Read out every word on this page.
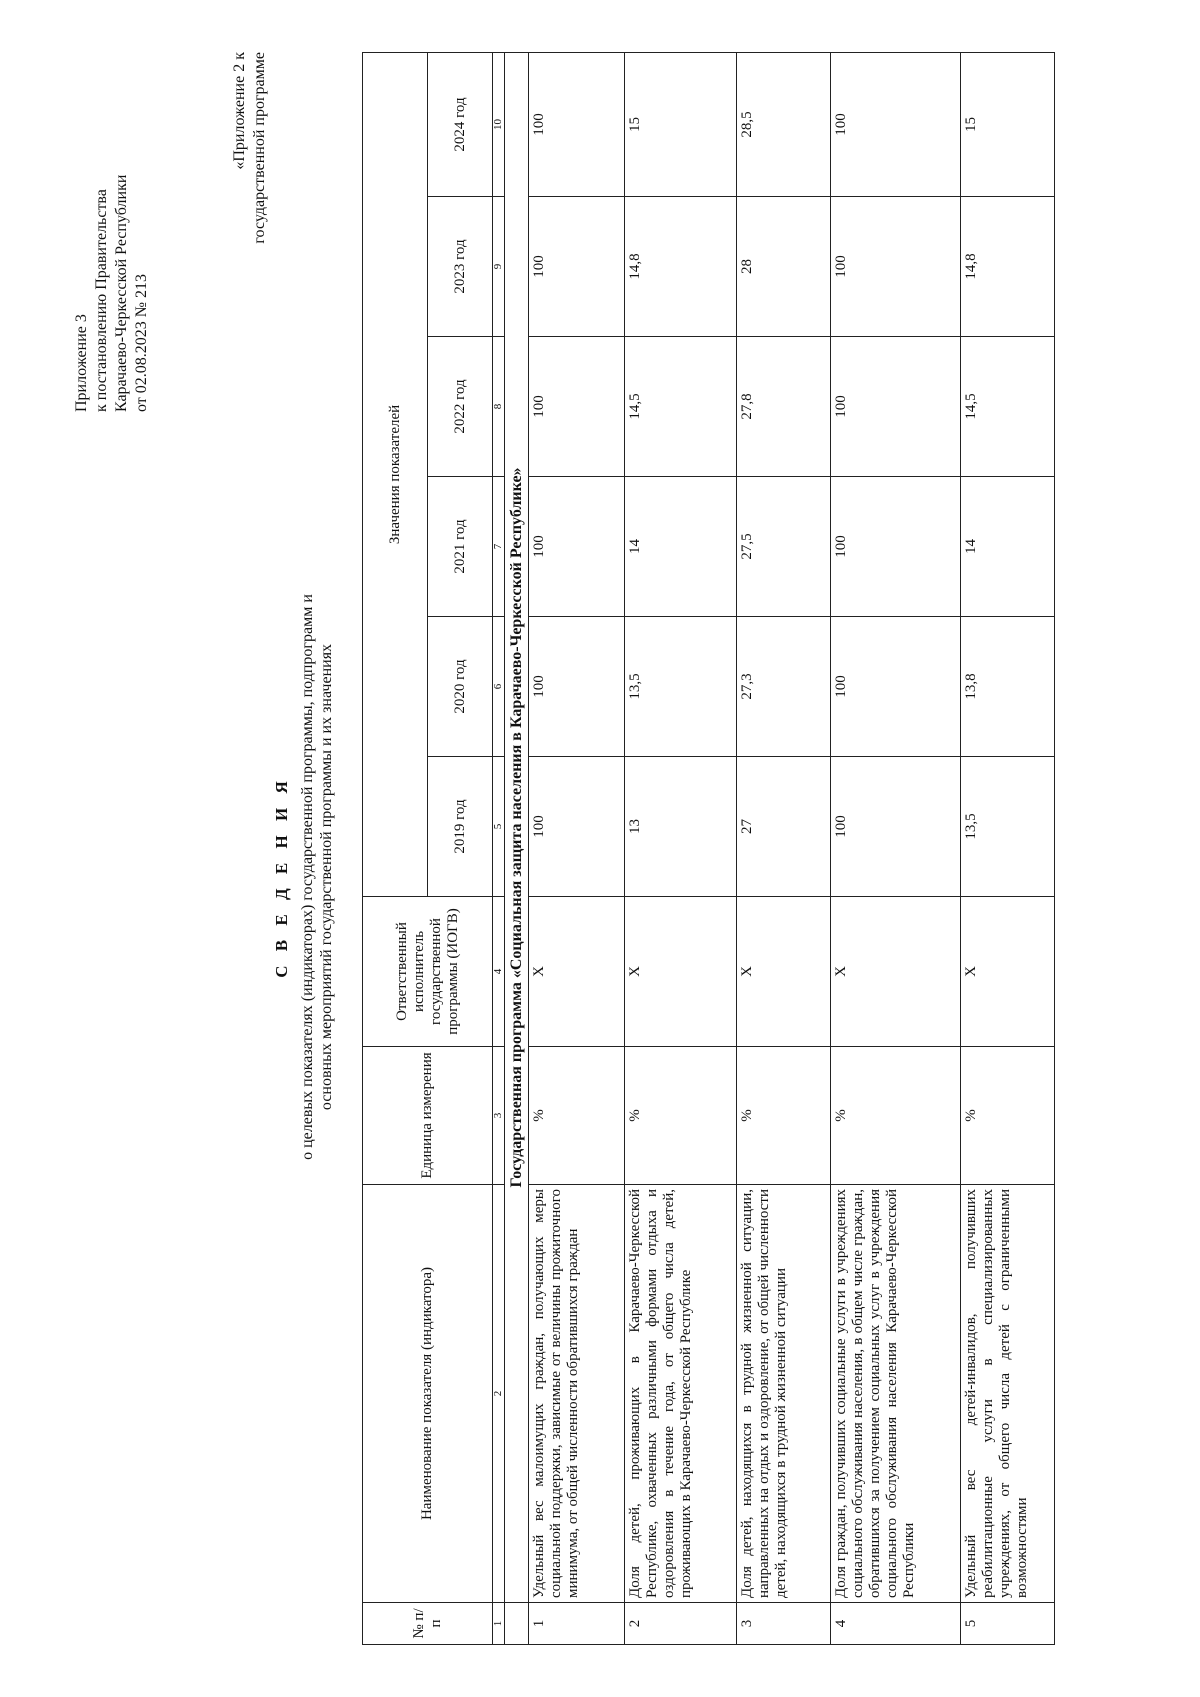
Приложение 3 к постановлению Правительства Карачаево-Черкесской Республики от 02.08.2023 № 213
«Приложение 2 к государственной программе
С В Е Д Е Н И Я о целевых показателях (индикаторах) государственной программы, подпрограмм и основных мероприятий государственной программы и их значениях
№ п/п	Наименование показателя (индикатора)	Единица измерения	Ответственный исполнитель государственной программы (ИОГВ)	Значения показателей					
				2019 год	2020 год	2021 год	2022 год	2023 год	2024 год
1	2	3	4	5	6	7	8	9	10
	Государственная программа «Социальная защита населения в Карачаево-Черкесской Республике»								
1	Удельный вес малоимущих граждан, получающих меры социальной поддержки, зависимые от величины прожиточного минимума, от общей численности обратившихся граждан	%	X	100	100	100	100	100	100
2	Доля детей, проживающих в Карачаево-Черкесской Республике, охваченных различными формами отдыха и оздоровления в течение года, от общего числа детей, проживающих в Карачаево-Черкесской Республике	%	X	13	13,5	14	14,5	14,8	15
3	Доля детей, находящихся в трудной жизненной ситуации, направленных на отдых и оздоровление, от общей численности детей, находящихся в трудной жизненной ситуации	%	X	27	27,3	27,5	27,8	28	28,5
4	Доля граждан, получивших социальные услуги в учреждениях социального обслуживания населения, в общем числе граждан, обратившихся за получением социальных услуг в учреждения социального обслуживания населения Карачаево-Черкесской Республики	%	X	100	100	100	100	100	100
5	Удельный вес детей-инвалидов, получивших реабилитационные услуги в специализированных учреждениях, от общего числа детей с ограниченными возможностями	%	X	13,5	13,8	14	14,5	14,8	15
